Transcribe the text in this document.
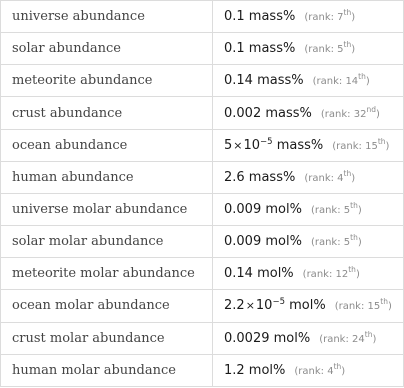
universe abundance	0.1 mass% (rank: 7th)
solar abundance	0.1 mass% (rank: 5th)
meteorite abundance	0.14 mass% (rank: 14th)
crust abundance	0.002 mass% (rank: 32nd)
ocean abundance	$5\times 10^{-5}$ mass% (rank: 15th)
human abundance	2.6 mass% (rank: 4th)
universe molar abundance	0.009 mol% (rank: 5th)
solar molar abundance	0.009 mol% (rank: 5th)
meteorite molar abundance	0.14 mol% (rank: 12th)
ocean molar abundance	$2.2\times 10^{-5}$ mol% (rank: 15th)
crust molar abundance	0.0029 mol% (rank: 24th)
human molar abundance	1.2 mol% (rank: 4th)
